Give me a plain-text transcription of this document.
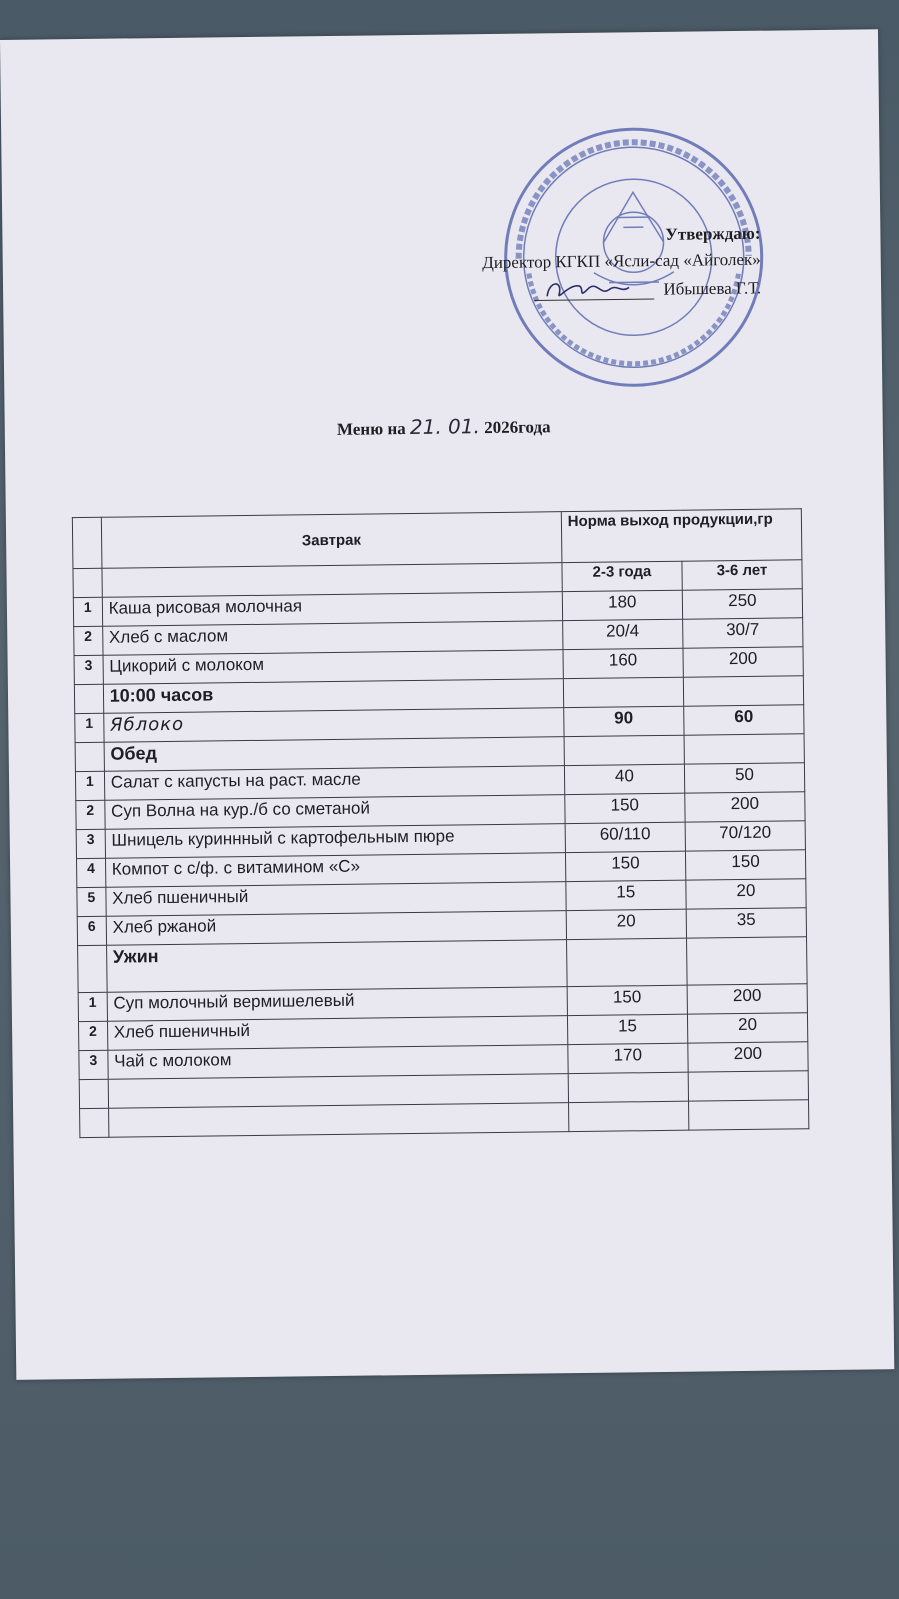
Утверждаю:
Директор КГКП «Ясли-сад «Айголек»
Ибышева Г.Т.
Меню на 21. 01. 2026года
	Завтрак	Норма выход продукции,гр	
		2-3 года	3-6 лет
1	Каша рисовая молочная	180	250
2	Хлеб с маслом	20/4	30/7
3	Цикорий с молоком	160	200
	10:00 часов		
1	Яблоко	90	60
	Обед		
1	Салат с капусты на раст. масле	40	50
2	Суп Волна на кур./б со сметаной	150	200
3	Шницель куриннный с картофельным пюре	60/110	70/120
4	Компот с с/ф. с витамином «С»	150	150
5	Хлеб пшеничный	15	20
6	Хлеб ржаной	20	35
	Ужин		
1	Суп молочный вермишелевый	150	200
2	Хлеб пшеничный	15	20
3	Чай с молоком	170	200
